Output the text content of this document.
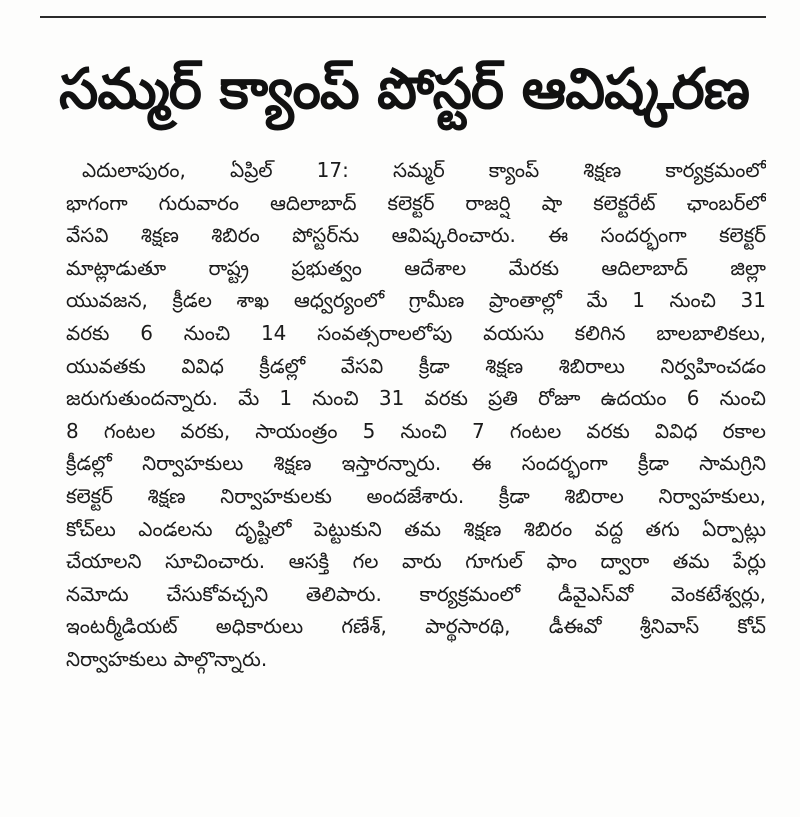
సమ్మర్ క్యాంప్ పోస్టర్ ఆవిష్కరణ
ఎదులాపురం, ఏప్రిల్ 17: సమ్మర్ క్యాంప్ శిక్షణ కార్యక్రమంలో
భాగంగా గురువారం ఆదిలాబాద్ కలెక్టర్ రాజర్షి షా కలెక్టరేట్ ఛాంబర్‌లో
వేసవి శిక్షణ శిబిరం పోస్టర్‌ను ఆవిష్కరించారు. ఈ సందర్భంగా కలెక్టర్
మాట్లాడుతూ రాష్ట్ర ప్రభుత్వం ఆదేశాల మేరకు ఆదిలాబాద్ జిల్లా
యువజన, క్రీడల శాఖ ఆధ్వర్యంలో గ్రామీణ ప్రాంతాల్లో మే 1 నుంచి 31
వరకు 6 నుంచి 14 సంవత్సరాలలోపు వయసు కలిగిన బాలబాలికలు,
యువతకు వివిధ క్రీడల్లో వేసవి క్రీడా శిక్షణ శిబిరాలు నిర్వహించడం
జరుగుతుందన్నారు. మే 1 నుంచి 31 వరకు ప్రతి రోజూ ఉదయం 6 నుంచి
8 గంటల వరకు, సాయంత్రం 5 నుంచి 7 గంటల వరకు వివిధ రకాల
క్రీడల్లో నిర్వాహకులు శిక్షణ ఇస్తారన్నారు. ఈ సందర్భంగా క్రీడా సామగ్రిని
కలెక్టర్ శిక్షణ నిర్వాహకులకు అందజేశారు. క్రీడా శిబిరాల నిర్వాహకులు,
కోచ్‌లు ఎండలను దృష్టిలో పెట్టుకుని తమ శిక్షణ శిబిరం వద్ద తగు ఏర్పాట్లు
చేయాలని సూచించారు. ఆసక్తి గల వారు గూగుల్ ఫాం ద్వారా తమ పేర్లు
నమోదు చేసుకోవచ్చని తెలిపారు. కార్యక్రమంలో డీవైఎస్‌వో వెంకటేశ్వర్లు,
ఇంటర్మీడియట్ అధికారులు గణేశ్, పార్థసారథి, డీఈవో శ్రీనివాస్ కోచ్
నిర్వాహకులు పాల్గొన్నారు.
